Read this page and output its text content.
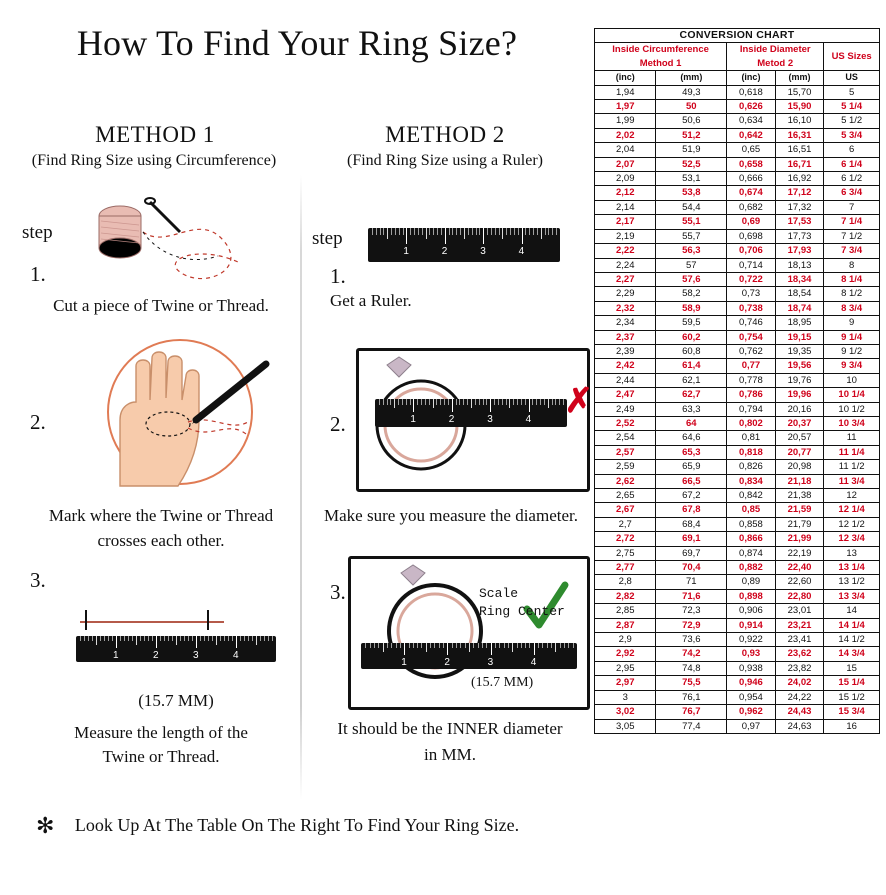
How To Find Your Ring Size?
METHOD 1
(Find Ring Size using Circumference)
METHOD 2
(Find Ring Size using a Ruler)
step
1.
Cut a piece of Twine or Thread.
2.
Mark where the Twine or Thread
crosses each other.
3.
1	2	3	4
(15.7 MM)
Measure the length of the
Twine or Thread.
step
1.
1	2	3	4
Get a Ruler.
2.	1	2	3	4 ✗
Make sure you measure the diameter.
3.
1	2	3	4
Scale
Ring Center
(15.7 MM)
It should be the INNER diameter
in MM.
✻	Look Up At The Table On The Right To Find Your Ring Size.
CONVERSION CHART				

Inside Circumference
Method 1

Inside Diameter
Metod 2
	US Sizes
(inc)	(mm)	(inc)	(mm)	US
1,94	49,3	0,618	15,70	5
1,97	50	0,626	15,90	5 1/4
1,99	50,6	0,634	16,10	5 1/2
2,02	51,2	0,642	16,31	5 3/4
2,04	51,9	0,65	16,51	6
2,07	52,5	0,658	16,71	6 1/4
2,09	53,1	0,666	16,92	6 1/2
2,12	53,8	0,674	17,12	6 3/4
2,14	54,4	0,682	17,32	7
2,17	55,1	0,69	17,53	7 1/4
2,19	55,7	0,698	17,73	7 1/2
2,22	56,3	0,706	17,93	7 3/4
2,24	57	0,714	18,13	8
2,27	57,6	0,722	18,34	8 1/4
2,29	58,2	0,73	18,54	8 1/2
2,32	58,9	0,738	18,74	8 3/4
2,34	59,5	0,746	18,95	9
2,37	60,2	0,754	19,15	9 1/4
2,39	60,8	0,762	19,35	9 1/2
2,42	61,4	0,77	19,56	9 3/4
2,44	62,1	0,778	19,76	10
2,47	62,7	0,786	19,96	10 1/4
2,49	63,3	0,794	20,16	10 1/2
2,52	64	0,802	20,37	10 3/4
2,54	64,6	0,81	20,57	11
2,57	65,3	0,818	20,77	11 1/4
2,59	65,9	0,826	20,98	11 1/2
2,62	66,5	0,834	21,18	11 3/4
2,65	67,2	0,842	21,38	12
2,67	67,8	0,85	21,59	12 1/4
2,7	68,4	0,858	21,79	12 1/2
2,72	69,1	0,866	21,99	12 3/4
2,75	69,7	0,874	22,19	13
2,77	70,4	0,882	22,40	13 1/4
2,8	71	0,89	22,60	13 1/2
2,82	71,6	0,898	22,80	13 3/4
2,85	72,3	0,906	23,01	14
2,87	72,9	0,914	23,21	14 1/4
2,9	73,6	0,922	23,41	14 1/2
2,92	74,2	0,93	23,62	14 3/4
2,95	74,8	0,938	23,82	15
2,97	75,5	0,946	24,02	15 1/4
3	76,1	0,954	24,22	15 1/2
3,02	76,7	0,962	24,43	15 3/4
3,05	77,4	0,97	24,63	16
